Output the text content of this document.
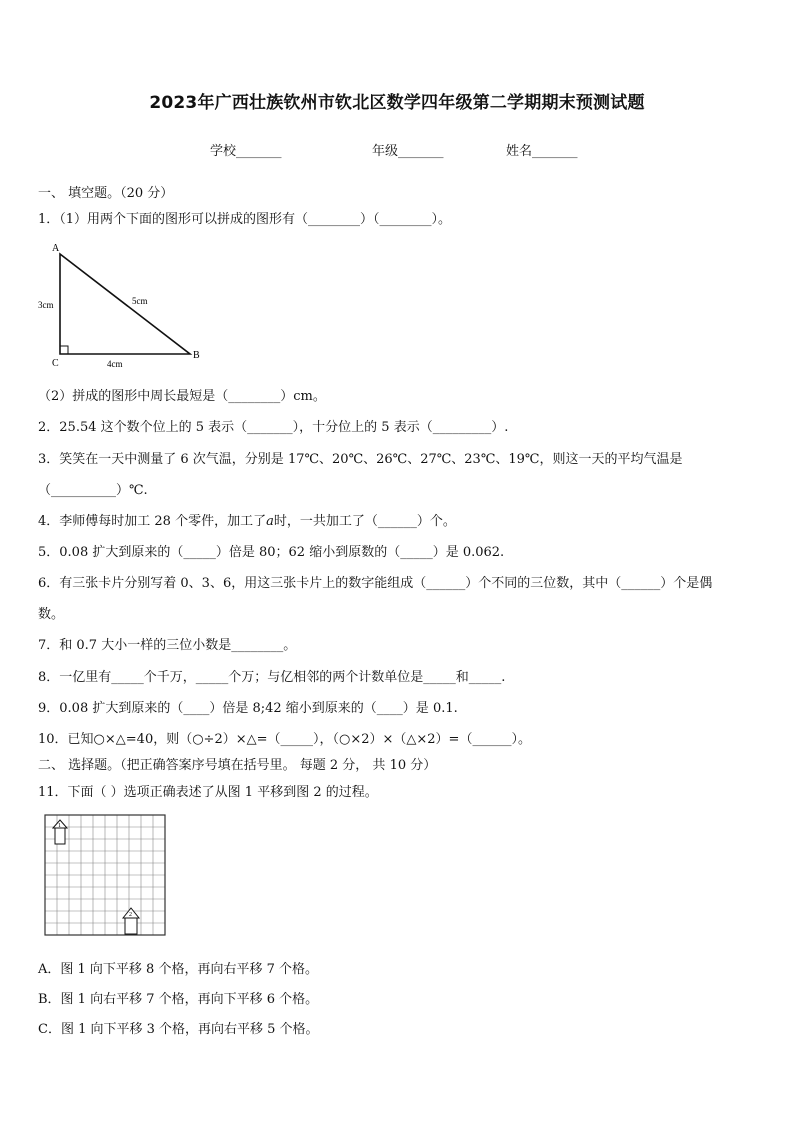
2023年广西壮族钦州市钦北区数学四年级第二学期期末预测试题
学校_______	年级_______	姓名_______
一、 填空题。（20 分）
1．（1）用两个下面的图形可以拼成的图形有（________）（________）。
A
B
C
3cm	5cm
4cm
（2）拼成的图形中周长最短是（________）cm。
2．25.54 这个数个位上的 5 表示（_______），十分位上的 5 表示（_________）.
3．笑笑在一天中测量了 6 次气温，分别是 17℃、20℃、26℃、27℃、23℃、19℃，则这一天的平均气温是
（__________）℃.
4．李师傅每时加工 28 个零件，加工了𝑎时，一共加工了（______）个。
5．0.08 扩大到原来的（_____）倍是 80；62 缩小到原数的（_____）是 0.062.
6．有三张卡片分别写着 0、3、6，用这三张卡片上的数字能组成（______）个不同的三位数，其中（______）个是偶
数。
7．和 0.7 大小一样的三位小数是________。
8．一亿里有_____个千万，_____个万；与亿相邻的两个计数单位是_____和_____.
9．0.08 扩大到原来的（____）倍是 8;42 缩小到原来的（____）是 0.1.
10．已知○×△=40，则（○÷2）×△=（_____），（○×2）×（△×2）=（______）。
二、 选择题。（把正确答案序号填在括号里。 每题 2 分， 共 10 分）
11．下面（ ）选项正确表述了从图 1 平移到图 2 的过程。
1
2
A．图 1 向下平移 8 个格，再向右平移 7 个格。
B．图 1 向右平移 7 个格，再向下平移 6 个格。
C．图 1 向下平移 3 个格，再向右平移 5 个格。
